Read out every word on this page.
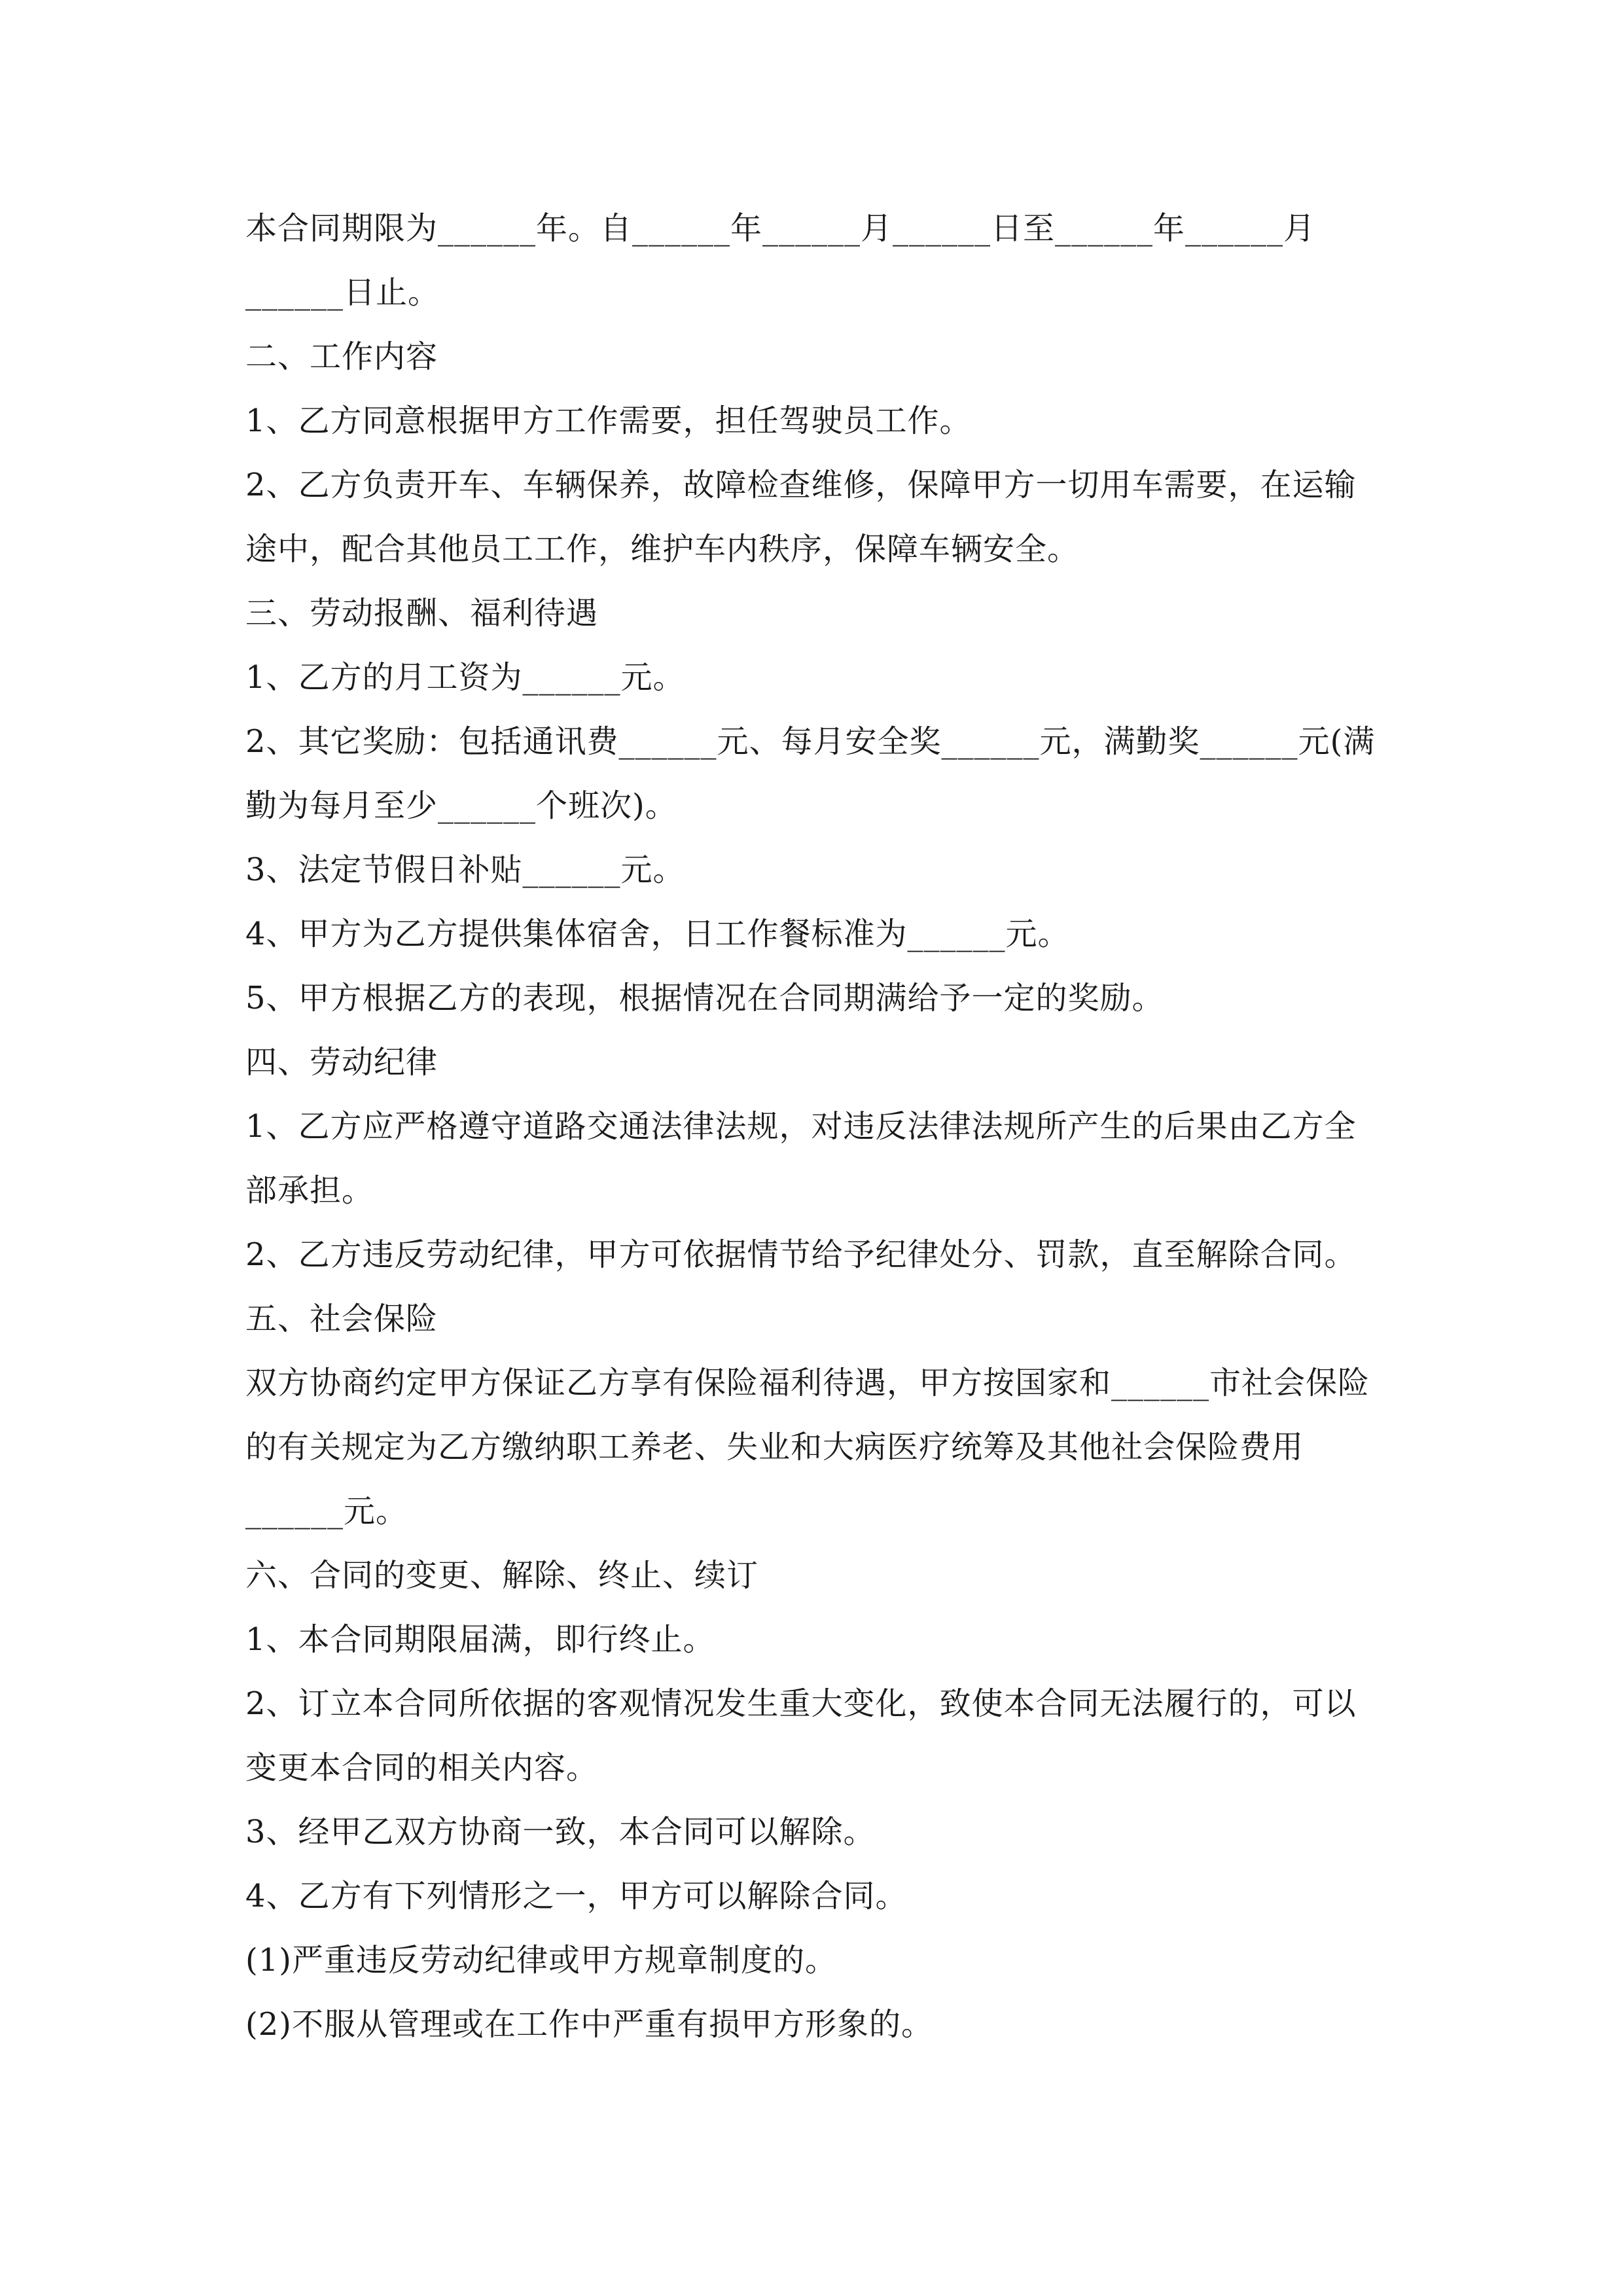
本合同期限为______年。自______年______月______日至______年______月
______日止。
二、工作内容
1、乙方同意根据甲方工作需要，担任驾驶员工作。
2、乙方负责开车、车辆保养，故障检查维修，保障甲方一切用车需要，在运输
途中，配合其他员工工作，维护车内秩序，保障车辆安全。
三、劳动报酬、福利待遇
1、乙方的月工资为______元。
2、其它奖励：包括通讯费______元、每月安全奖______元，满勤奖______元(满
勤为每月至少______个班次)。
3、法定节假日补贴______元。
4、甲方为乙方提供集体宿舍，日工作餐标准为______元。
5、甲方根据乙方的表现，根据情况在合同期满给予一定的奖励。
四、劳动纪律
1、乙方应严格遵守道路交通法律法规，对违反法律法规所产生的后果由乙方全
部承担。
2、乙方违反劳动纪律，甲方可依据情节给予纪律处分、罚款，直至解除合同。
五、社会保险
双方协商约定甲方保证乙方享有保险福利待遇，甲方按国家和______市社会保险
的有关规定为乙方缴纳职工养老、失业和大病医疗统筹及其他社会保险费用
______元。
六、合同的变更、解除、终止、续订
1、本合同期限届满，即行终止。
2、订立本合同所依据的客观情况发生重大变化，致使本合同无法履行的，可以
变更本合同的相关内容。
3、经甲乙双方协商一致，本合同可以解除。
4、乙方有下列情形之一，甲方可以解除合同。
(1)严重违反劳动纪律或甲方规章制度的。
(2)不服从管理或在工作中严重有损甲方形象的。
